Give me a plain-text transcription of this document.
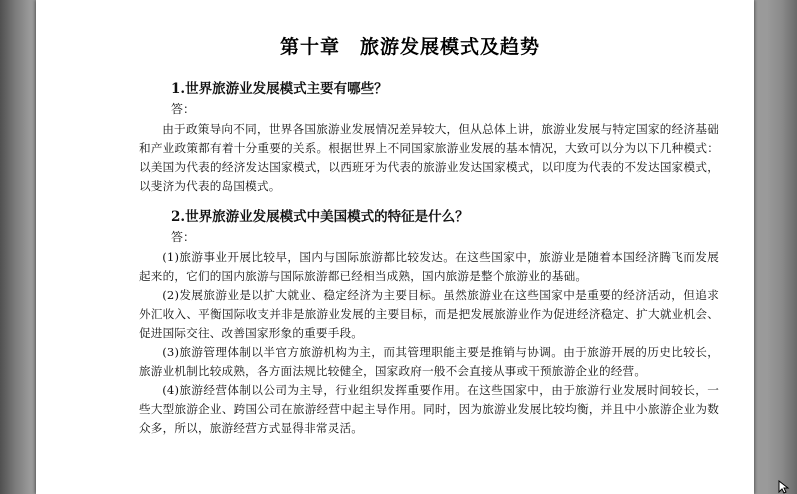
第十章　旅游发展模式及趋势
1.世界旅游业发展模式主要有哪些？
答：

由于政策导向不同，世界各国旅游业发展情况差异较大，但从总体上讲，旅游业发展与特定国家的经济基础和产业政策都有着十分重要的关系。根据世界上不同国家旅游业发展的基本情况，大致可以分为以下几种模式：以美国为代表的经济发达国家模式，以西班牙为代表的旅游业发达国家模式，以印度为代表的不发达国家模式，以斐济为代表的岛国模式。

2.世界旅游业发展模式中美国模式的特征是什么？
答：

(1)旅游事业开展比较早，国内与国际旅游都比较发达。在这些国家中，旅游业是随着本国经济腾飞而发展起来的，它们的国内旅游与国际旅游都已经相当成熟，国内旅游是整个旅游业的基础。

(2)发展旅游业是以扩大就业、稳定经济为主要目标。虽然旅游业在这些国家中是重要的经济活动，但追求外汇收入、平衡国际收支并非是旅游业发展的主要目标，而是把发展旅游业作为促进经济稳定、扩大就业机会、促进国际交往、改善国家形象的重要手段。

(3)旅游管理体制以半官方旅游机构为主，而其管理职能主要是推销与协调。由于旅游开展的历史比较长，旅游业机制比较成熟，各方面法规比较健全，国家政府一般不会直接从事或干预旅游企业的经营。

(4)旅游经营体制以公司为主导，行业组织发挥重要作用。在这些国家中，由于旅游行业发展时间较长，一些大型旅游企业、跨国公司在旅游经营中起主导作用。同时，因为旅游业发展比较均衡，并且中小旅游企业为数众多，所以，旅游经营方式显得非常灵活。
